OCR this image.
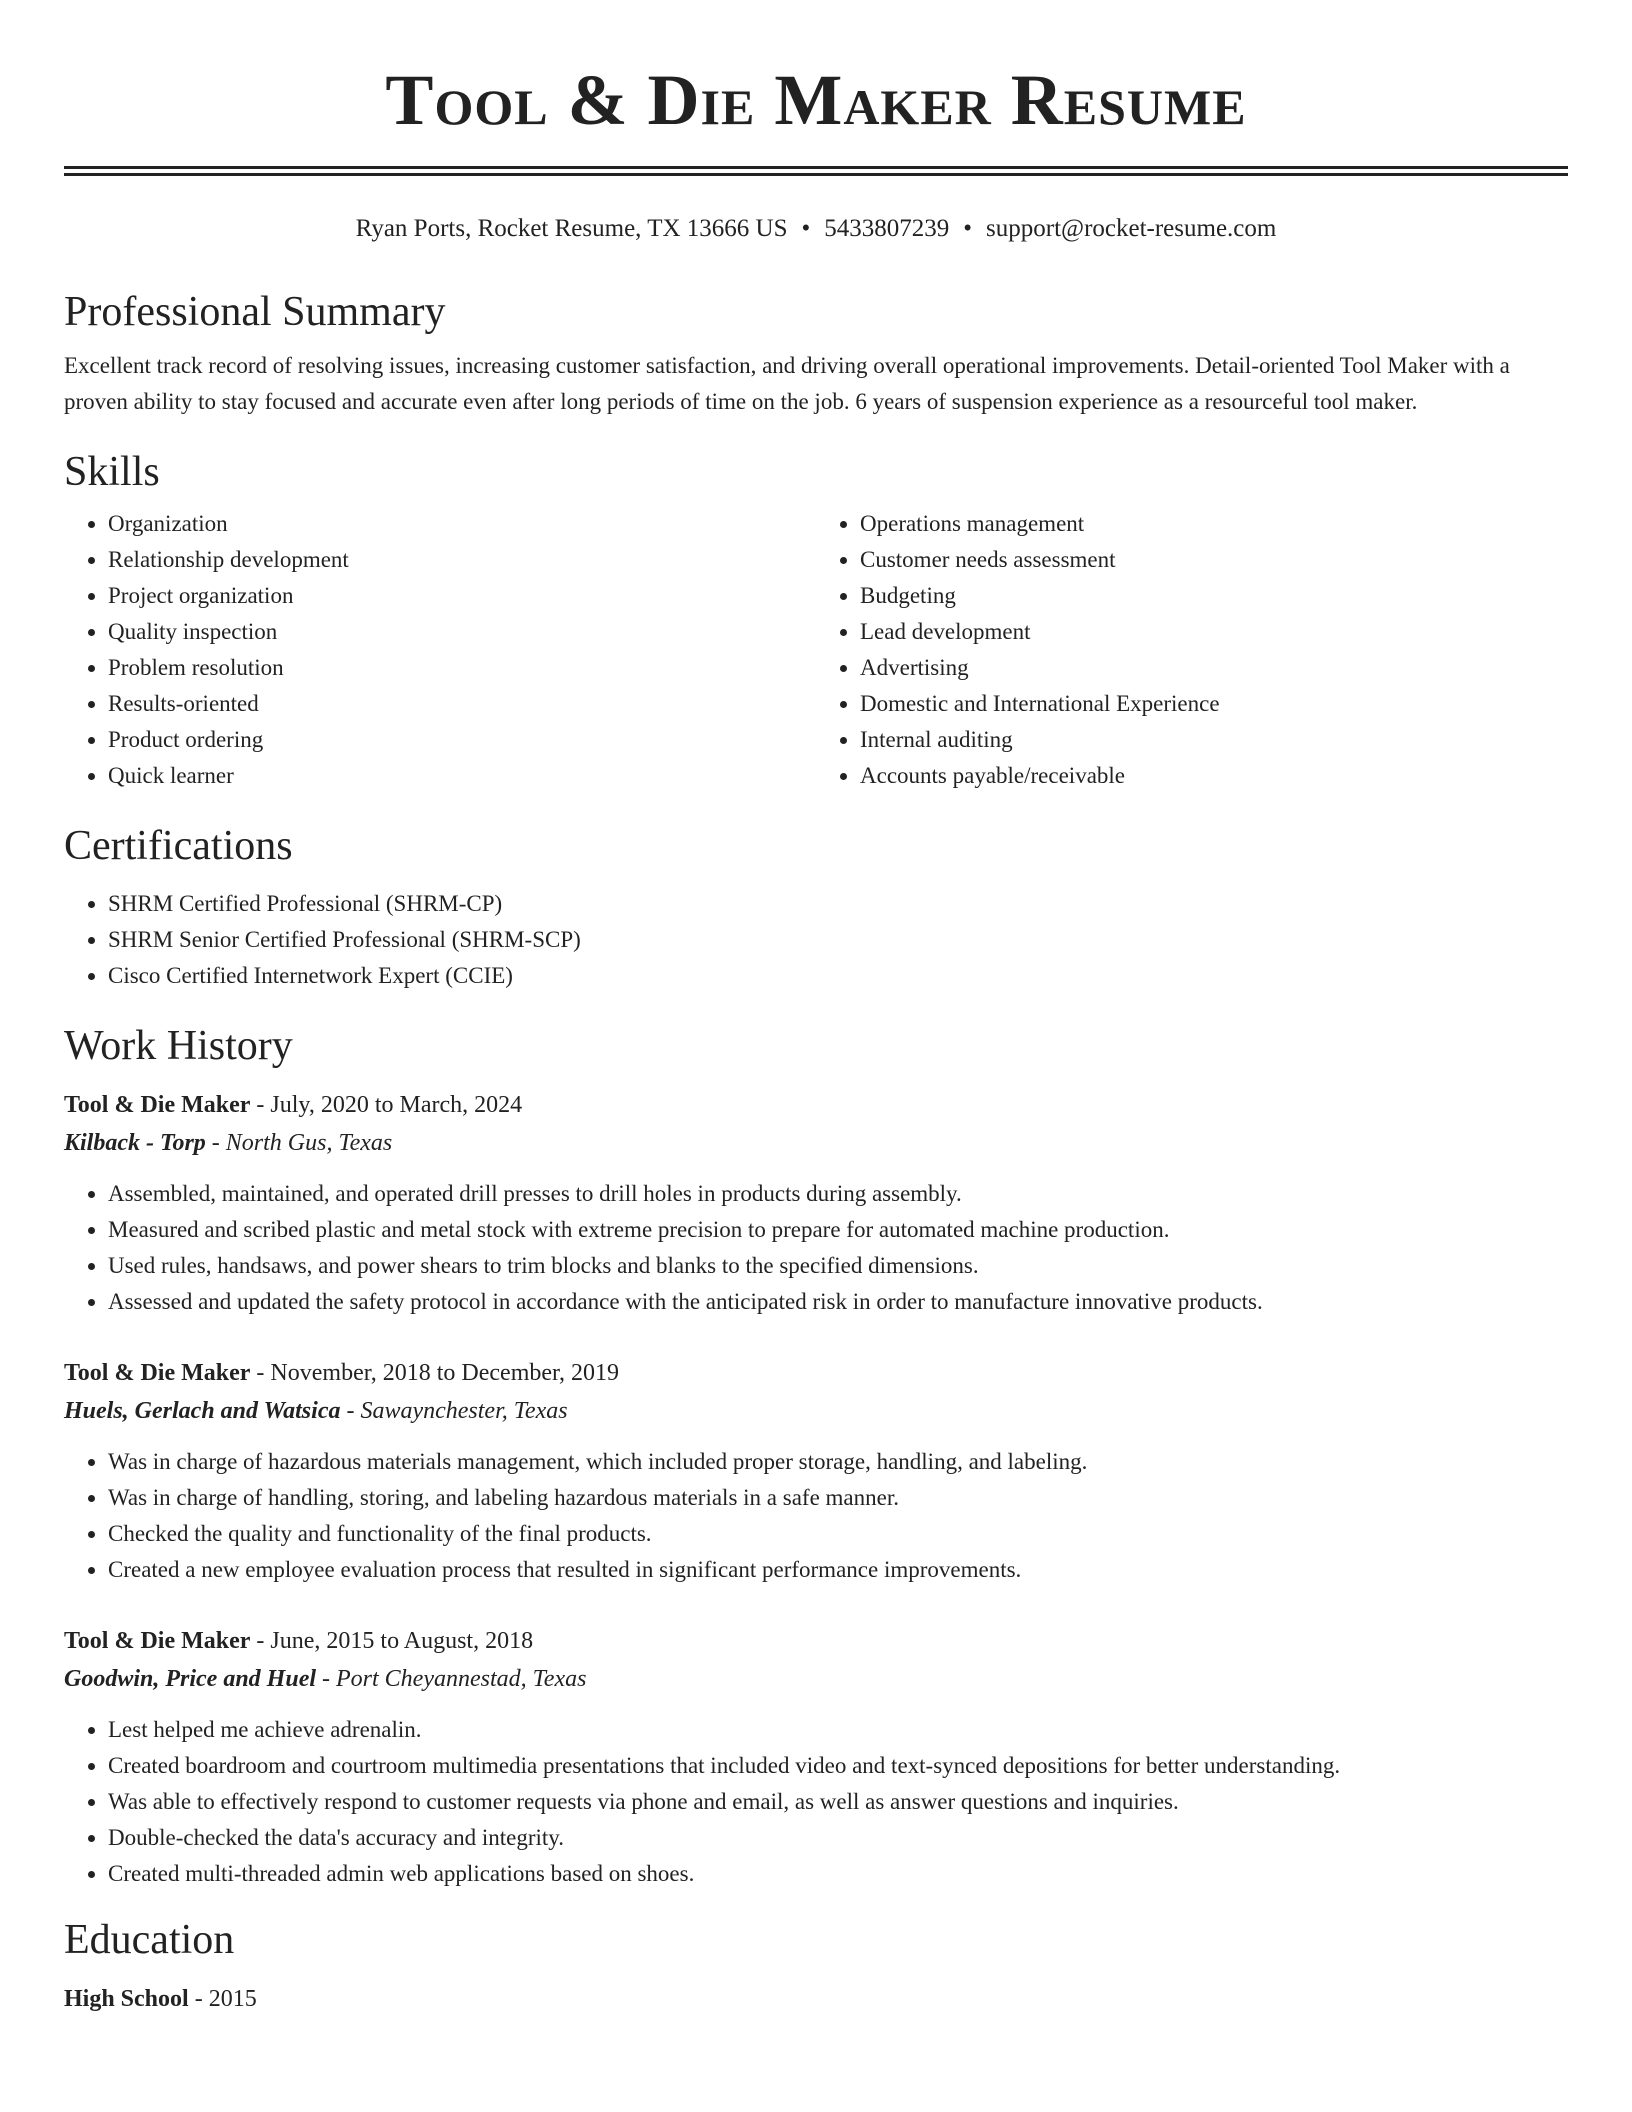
Tool & Die Maker Resume
Ryan Ports, Rocket Resume, TX 13666 US • 5433807239 • support@rocket-resume.com
Professional Summary

Excellent track record of resolving issues, increasing customer satisfaction, and driving overall operational improvements. Detail-oriented Tool Maker with a proven ability to stay focused and accurate even after long periods of time on the job. 6 years of suspension experience as a resourceful tool maker.

Skills
• Organization
• Relationship development
• Project organization
• Quality inspection
• Problem resolution
• Results-oriented
• Product ordering
• Quick learner
• Operations management
• Customer needs assessment
• Budgeting
• Lead development
• Advertising
• Domestic and International Experience
• Internal auditing
• Accounts payable/receivable
Certifications
• SHRM Certified Professional (SHRM-CP)
• SHRM Senior Certified Professional (SHRM-SCP)
• Cisco Certified Internetwork Expert (CCIE)
Work History
Tool & Die Maker - July, 2020 to March, 2024
Kilback - Torp - North Gus, Texas
• Assembled, maintained, and operated drill presses to drill holes in products during assembly.
• Measured and scribed plastic and metal stock with extreme precision to prepare for automated machine production.
• Used rules, handsaws, and power shears to trim blocks and blanks to the specified dimensions.
• Assessed and updated the safety protocol in accordance with the anticipated risk in order to manufacture innovative products.
Tool & Die Maker - November, 2018 to December, 2019
Huels, Gerlach and Watsica - Sawaynchester, Texas
• Was in charge of hazardous materials management, which included proper storage, handling, and labeling.
• Was in charge of handling, storing, and labeling hazardous materials in a safe manner.
• Checked the quality and functionality of the final products.
• Created a new employee evaluation process that resulted in significant performance improvements.
Tool & Die Maker - June, 2015 to August, 2018
Goodwin, Price and Huel - Port Cheyannestad, Texas
• Lest helped me achieve adrenalin.
• Created boardroom and courtroom multimedia presentations that included video and text-synced depositions for better understanding.
• Was able to effectively respond to customer requests via phone and email, as well as answer questions and inquiries.
• Double-checked the data's accuracy and integrity.
• Created multi-threaded admin web applications based on shoes.
Education
High School - 2015
